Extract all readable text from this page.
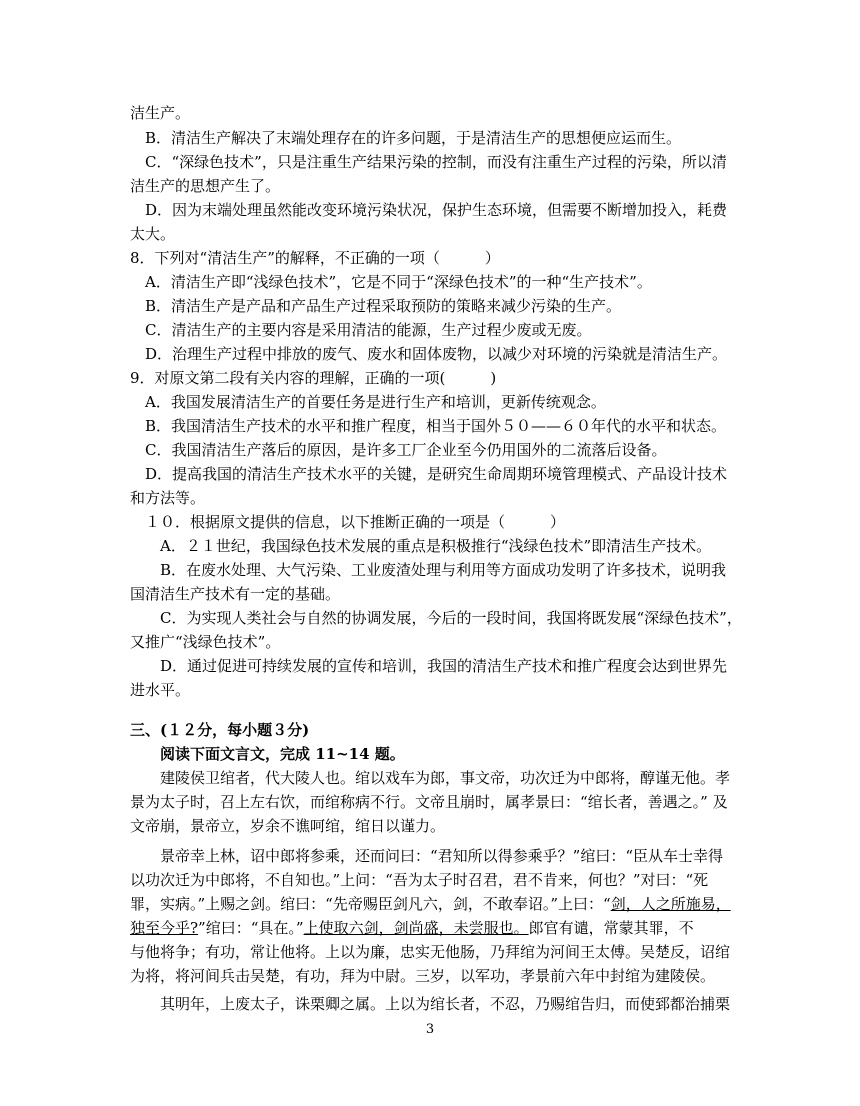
洁生产。
B．清洁生产解决了末端处理存在的许多问题，于是清洁生产的思想便应运而生。
C．“深绿色技术”，只是注重生产结果污染的控制，而没有注重生产过程的污染，所以清
洁生产的思想产生了。
D．因为末端处理虽然能改变环境污染状况，保护生态环境，但需要不断增加投入，耗费
太大。
8．下列对“清洁生产”的解释，不正确的一项（　　　）
A．清洁生产即“浅绿色技术”，它是不同于“深绿色技术”的一种“生产技术”。
B．清洁生产是产品和产品生产过程采取预防的策略来减少污染的生产。
C．清洁生产的主要内容是采用清洁的能源，生产过程少废或无废。
D．治理生产过程中排放的废气、废水和固体废物，以减少对环境的污染就是清洁生产。
9．对原文第二段有关内容的理解，正确的一项(　　　)
A．我国发展清洁生产的首要任务是进行生产和培训，更新传统观念。
B．我国清洁生产技术的水平和推广程度，相当于国外５０——６０年代的水平和状态。
C．我国清洁生产落后的原因，是许多工厂企业至今仍用国外的二流落后设备。
D．提高我国的清洁生产技术水平的关键，是研究生命周期环境管理模式、产品设计技术
和方法等。
１０．根据原文提供的信息，以下推断正确的一项是（　　　）
A．２１世纪，我国绿色技术发展的重点是积极推行“浅绿色技术”即清洁生产技术。
B．在废水处理、大气污染、工业废渣处理与利用等方面成功发明了许多技术，说明我
国清洁生产技术有一定的基础。
C．为实现人类社会与自然的协调发展，今后的一段时间，我国将既发展“深绿色技术”，
又推广“浅绿色技术”。
D．通过促进可持续发展的宣传和培训，我国的清洁生产技术和推广程度会达到世界先
进水平。
三、(１２分，每小题３分)
阅读下面文言文，完成 11~14 题。
建陵侯卫绾者，代大陵人也。绾以戏车为郎，事文帝，功次迁为中郎将，醇谨无他。孝
景为太子时，召上左右饮，而绾称病不行。文帝且崩时，属孝景曰：“绾长者，善遇之。” 及
文帝崩，景帝立，岁余不谯呵绾，绾日以谨力。
景帝幸上林，诏中郎将参乘，还而问曰：“君知所以得参乘乎？”绾曰：“臣从车士幸得
以功次迁为中郎将，不自知也。”上问：“吾为太子时召君，君不肯来，何也？”对曰：“死
罪，实病。”上赐之剑。绾曰：“先帝赐臣剑凡六，剑，不敢奉诏。”上曰：“剑，人之所施易，
独至今乎?”绾曰：“具在。”上使取六剑，剑尚盛，未尝服也。郎官有谴，常蒙其罪，不
与他将争；有功，常让他将。上以为廉，忠实无他肠，乃拜绾为河间王太傅。吴楚反，诏绾
为将，将河间兵击吴楚，有功，拜为中尉。三岁，以军功，孝景前六年中封绾为建陵侯。
其明年，上废太子，诛栗卿之属。上以为绾长者，不忍，乃赐绾告归，而使郅都治捕栗
3
